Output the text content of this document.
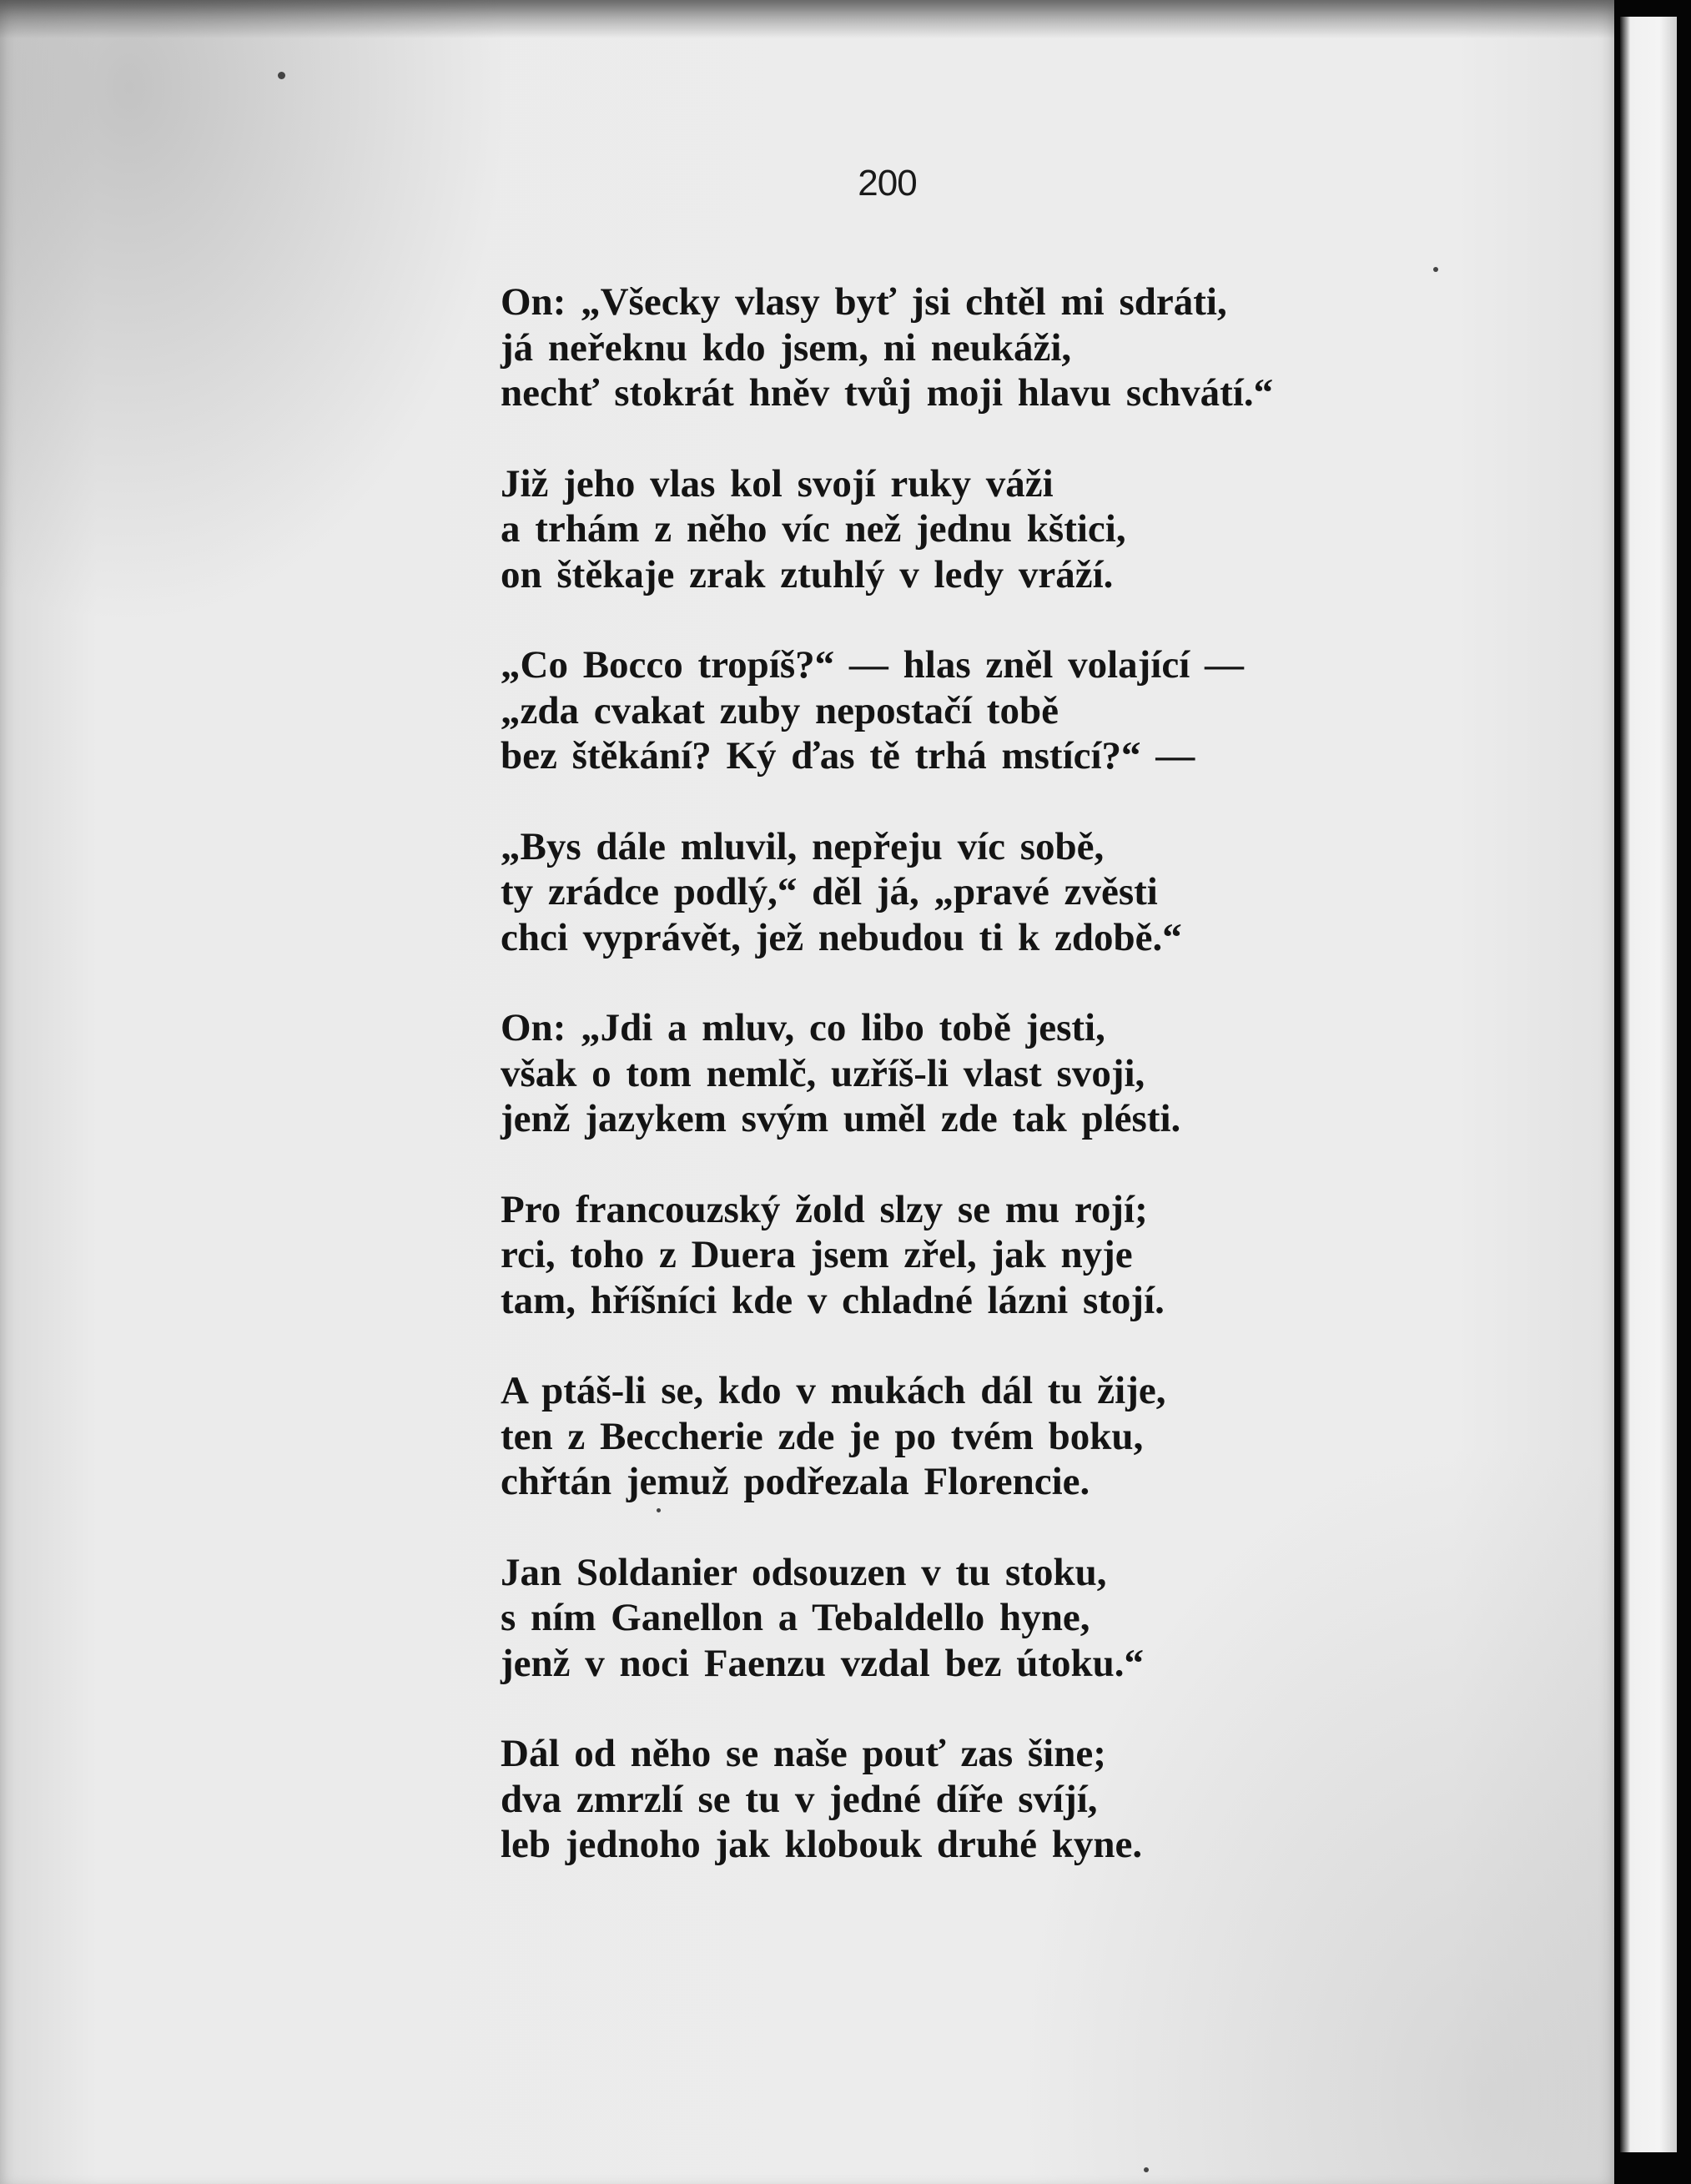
200
On: „Všecky vlasy byť jsi chtěl mi sdráti,
já neřeknu kdo jsem, ni neukáži,
nechť stokrát hněv tvůj moji hlavu schvátí.“
Již jeho vlas kol svojí ruky váži
a trhám z něho víc než jednu kštici,
on štěkaje zrak ztuhlý v ledy vráží.
„Co Bocco tropíš?“ — hlas zněl volající —
„zda cvakat zuby nepostačí tobě
bez štěkání? Ký ďas tě trhá mstící?“ —
„Bys dále mluvil, nepřeju víc sobě,
ty zrádce podlý,“ děl já, „pravé zvěsti
chci vyprávět, jež nebudou ti k zdobě.“
On: „Jdi a mluv, co libo tobě jesti,
však o tom nemlč, uzříš-li vlast svoji,
jenž jazykem svým uměl zde tak plésti.
Pro francouzský žold slzy se mu rojí;
rci, toho z Duera jsem zřel, jak nyje
tam, hříšníci kde v chladné lázni stojí.
A ptáš-li se, kdo v mukách dál tu žije,
ten z Beccherie zde je po tvém boku,
chřtán jemuž podřezala Florencie.
Jan Soldanier odsouzen v tu stoku,
s ním Ganellon a Tebaldello hyne,
jenž v noci Faenzu vzdal bez útoku.“
Dál od něho se naše pouť zas šine;
dva zmrzlí se tu v jedné díře svíjí,
leb jednoho jak klobouk druhé kyne.
